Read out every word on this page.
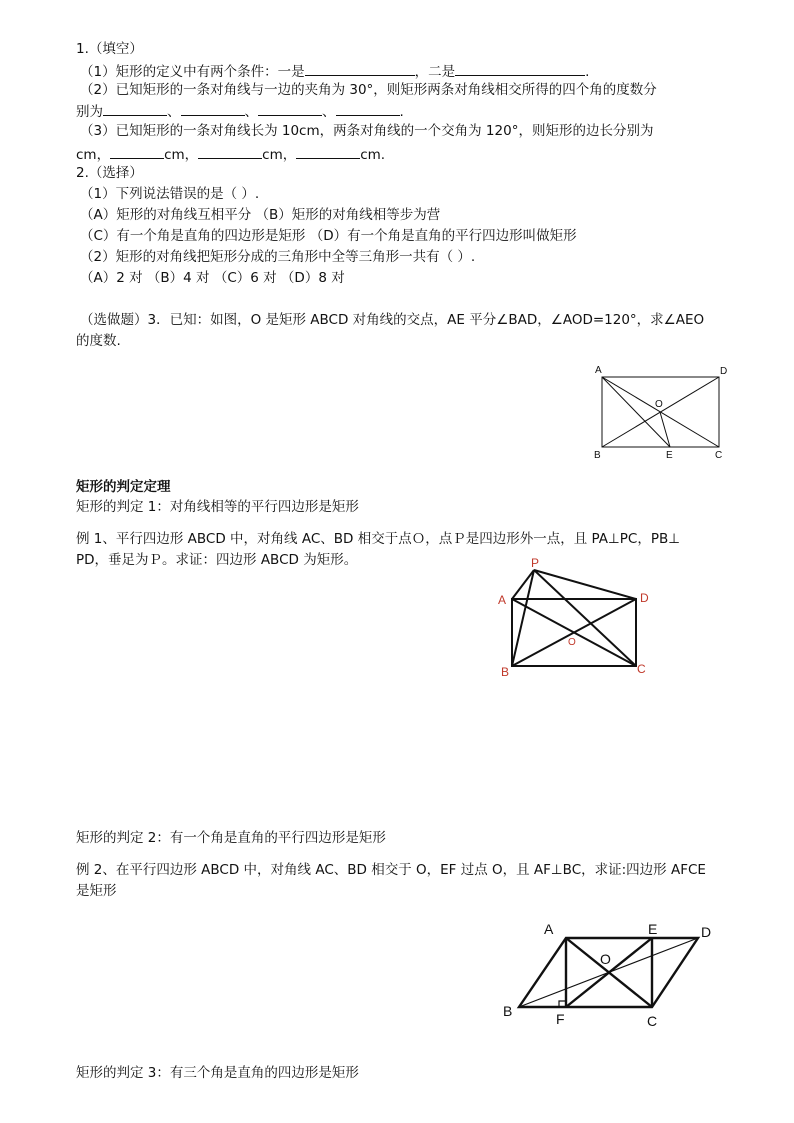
1.（填空）
（1）矩形的定义中有两个条件：一是	，二是	.
（2）已知矩形的一条对角线与一边的夹角为 30°，则矩形两条对角线相交所得的四个角的度数分
别为	、	、	、	.
（3）已知矩形的一条对角线长为 10cm，两条对角线的一个交角为 120°，则矩形的边长分别为
cm，	cm，	cm，	cm.
2.（选择）
（1）下列说法错误的是（ ）.
（A）矩形的对角线互相平分 （B）矩形的对角线相等步为营
（C）有一个角是直角的四边形是矩形 （D）有一个角是直角的平行四边形叫做矩形
（2）矩形的对角线把矩形分成的三角形中全等三角形一共有（ ）.
（A）2 对 （B）4 对 （C）6 对 （D）8 对
（选做题）3．已知：如图，O 是矩形 ABCD 对角线的交点，AE 平分∠BAD，∠AOD=120°，求∠AEO
的度数.
A	D
O
B	E	C
矩形的判定定理
矩形的判定 1：对角线相等的平行四边形是矩形
例 1、平行四边形 ABCD 中，对角线 AC、BD 相交于点Ｏ，点Ｐ是四边形外一点，且 PA⊥PC，PB⊥
PD，垂足为Ｐ。求证：四边形 ABCD 为矩形。	P
A	D
O
B	C
矩形的判定 2：有一个角是直角的平行四边形是矩形
例 2、在平行四边形 ABCD 中，对角线 AC、BD 相交于 O，EF 过点 O，且 AF⊥BC，求证:四边形 AFCE
是矩形
A	E	D
O
B	F	C
矩形的判定 3：有三个角是直角的四边形是矩形
